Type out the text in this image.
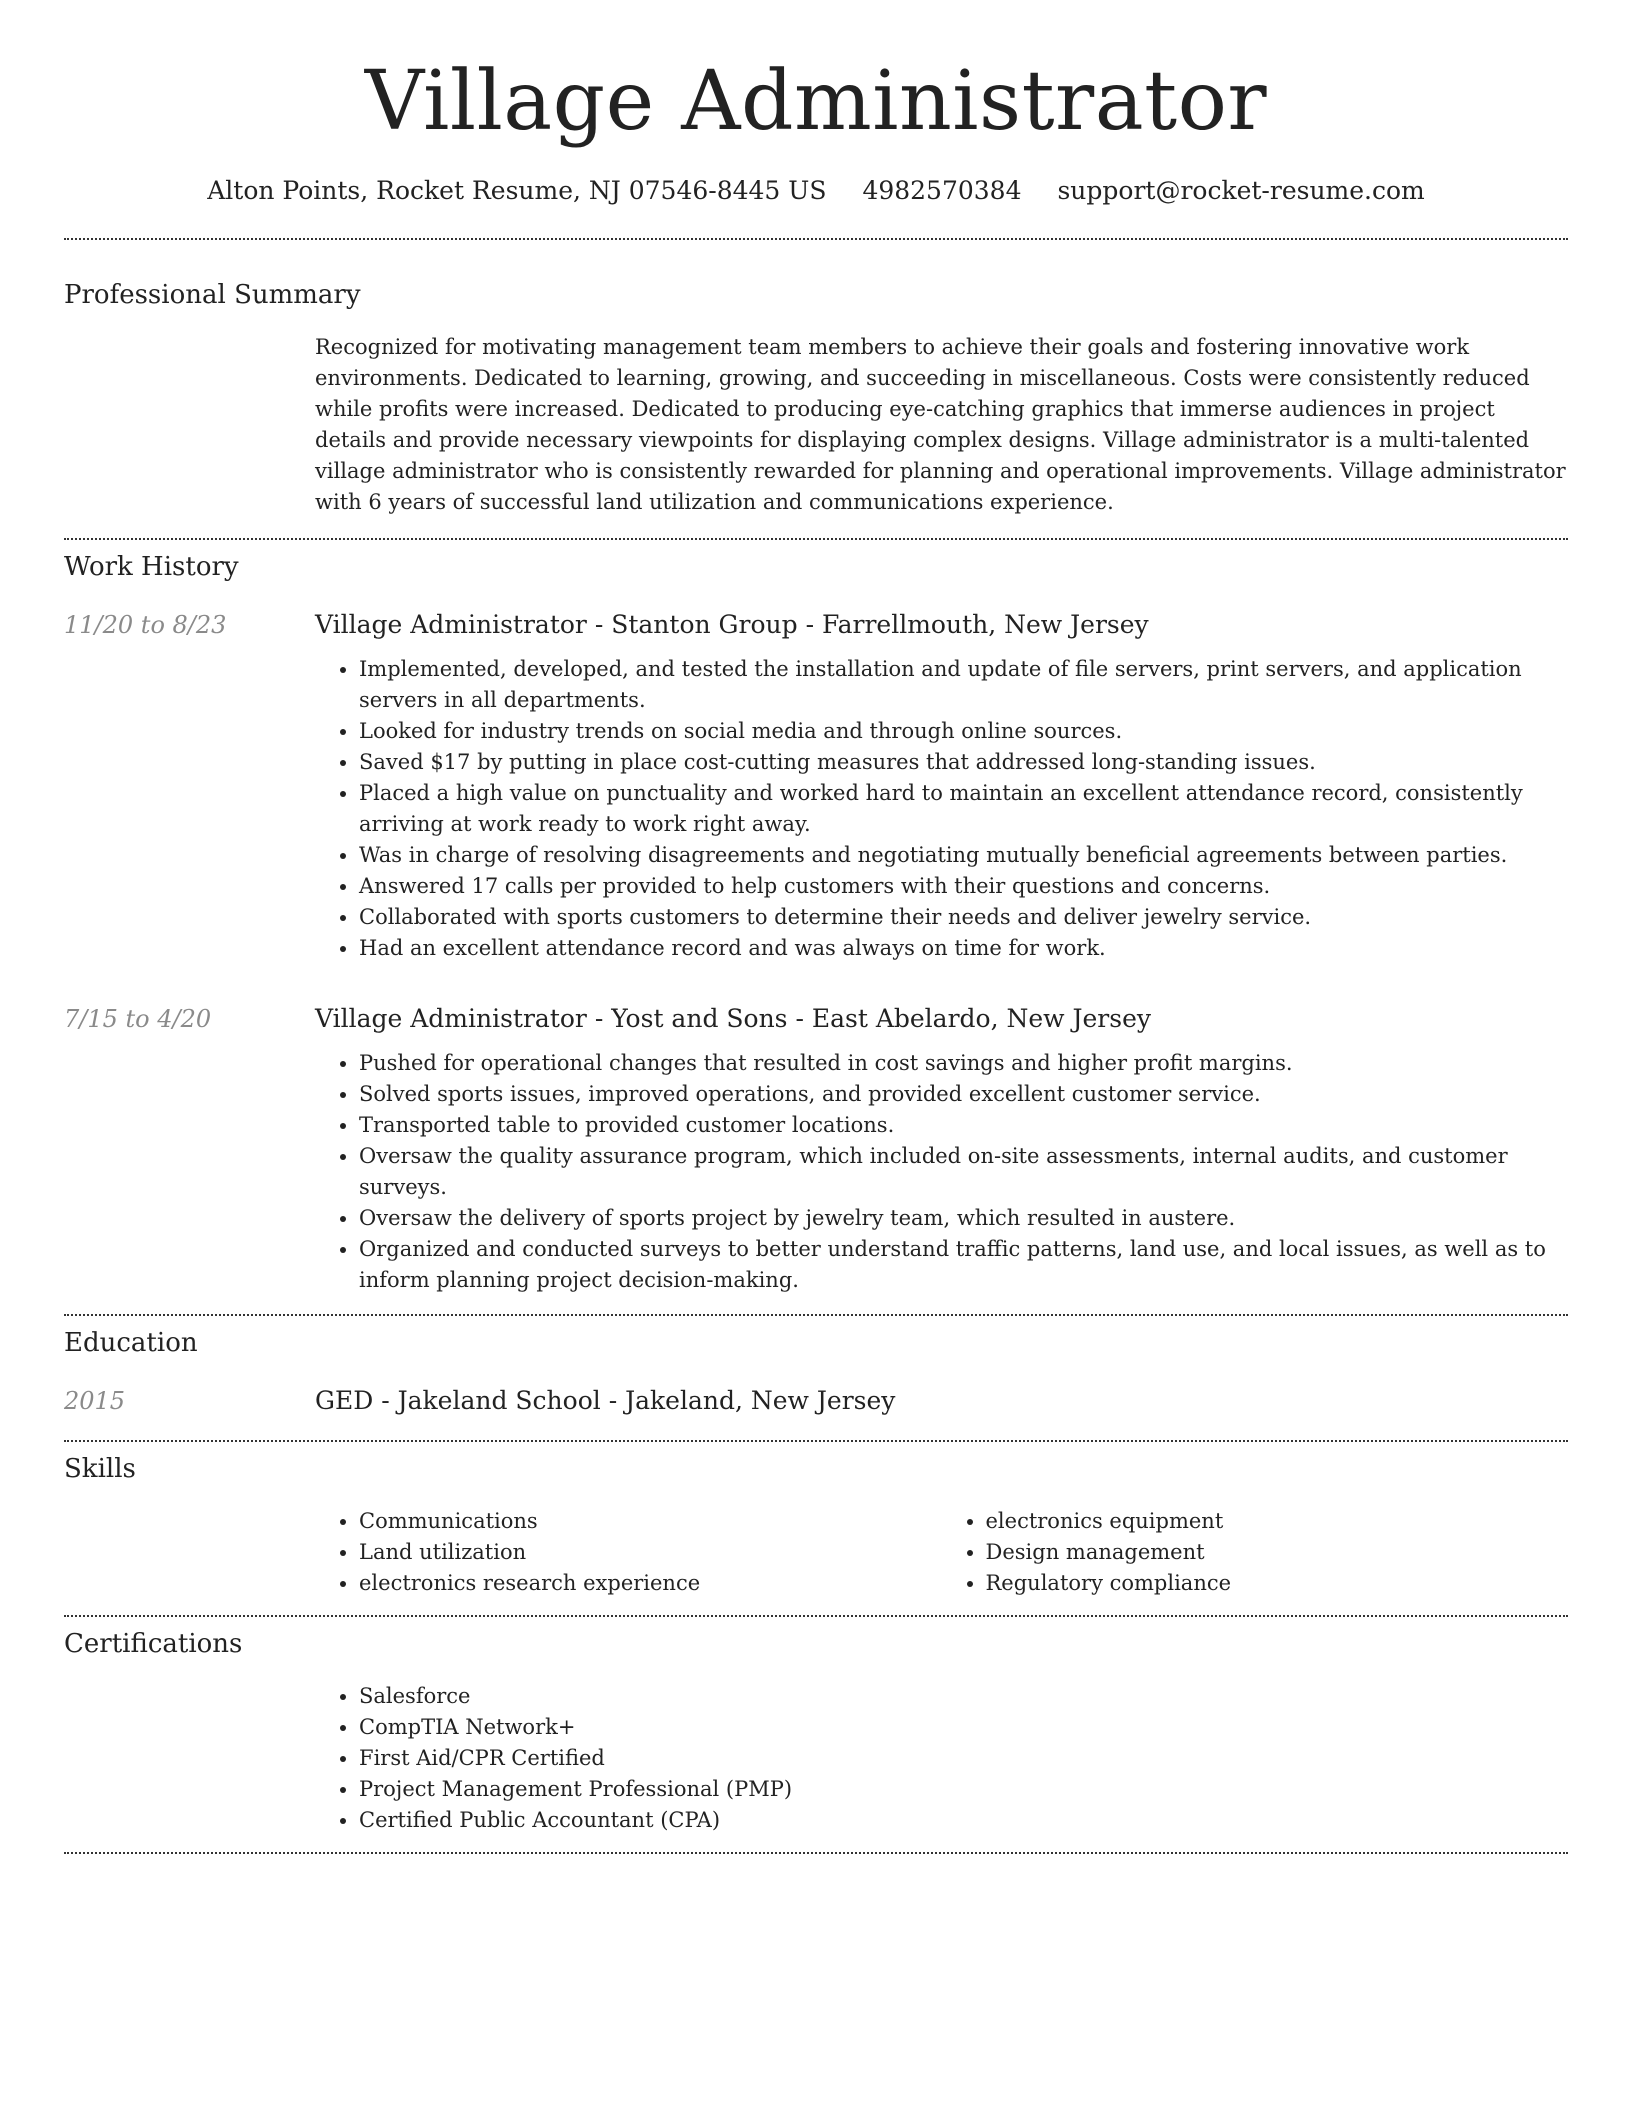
Village Administrator
Alton Points, Rocket Resume, NJ 07546-8445 US 4982570384 support@rocket-resume.com
Professional Summary

Recognized for motivating management team members to achieve their goals and fostering innovative work environments. Dedicated to learning, growing, and succeeding in miscellaneous. Costs were consistently reduced while profits were increased. Dedicated to producing eye-catching graphics that immerse audiences in project details and provide necessary viewpoints for displaying complex designs. Village administrator is a multi-talented village administrator who is consistently rewarded for planning and operational improvements. Village administrator with 6 years of successful land utilization and communications experience.

Work History
11/20 to 8/23	Village Administrator - Stanton Group - Farrellmouth, New Jersey
• Implemented, developed, and tested the installation and update of file servers, print servers, and application servers in all departments.
• Looked for industry trends on social media and through online sources.
• Saved $17 by putting in place cost-cutting measures that addressed long-standing issues.
• Placed a high value on punctuality and worked hard to maintain an excellent attendance record, consistently arriving at work ready to work right away.
• Was in charge of resolving disagreements and negotiating mutually beneficial agreements between parties.
• Answered 17 calls per provided to help customers with their questions and concerns.
• Collaborated with sports customers to determine their needs and deliver jewelry service.
• Had an excellent attendance record and was always on time for work.
7/15 to 4/20	Village Administrator - Yost and Sons - East Abelardo, New Jersey
• Pushed for operational changes that resulted in cost savings and higher profit margins.
• Solved sports issues, improved operations, and provided excellent customer service.
• Transported table to provided customer locations.
• Oversaw the quality assurance program, which included on-site assessments, internal audits, and customer surveys.
• Oversaw the delivery of sports project by jewelry team, which resulted in austere.
• Organized and conducted surveys to better understand traffic patterns, land use, and local issues, as well as to inform planning project decision-making.
Education
2015	GED - Jakeland School - Jakeland, New Jersey
Skills
• Communications
• Land utilization
• electronics research experience
• electronics equipment
• Design management
• Regulatory compliance
Certifications
• Salesforce
• CompTIA Network+
• First Aid/CPR Certified
• Project Management Professional (PMP)
• Certified Public Accountant (CPA)
